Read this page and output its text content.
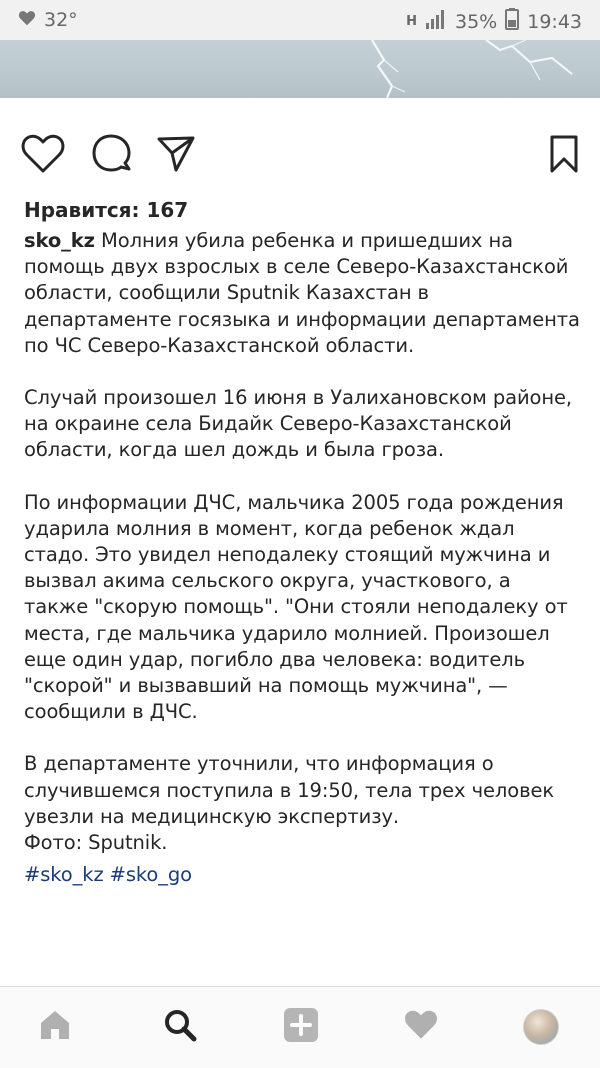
32°	H 35% 19:43
Нравится: 167

sko_kz Молния убила ребенка и пришедших на помощь двух взрослых в селе Северо-Казахстанской области, сообщили Sputnik Казахстан в департаменте госязыка и информации департамента по ЧС Северо-Казахстанской области.

Случай произошел 16 июня в Уалихановском районе, на окраине села Бидайк Северо-Казахстанской области, когда шел дождь и была гроза.

По информации ДЧС, мальчика 2005 года рождения ударила молния в момент, когда ребенок ждал стадо. Это увидел неподалеку стоящий мужчина и вызвал акима сельского округа, участкового, а также "скорую помощь". "Они стояли неподалеку от места, где мальчика ударило молнией. Произошел еще один удар, погибло два человека: водитель "скорой" и вызвавший на помощь мужчина", — сообщили в ДЧС.

В департаменте уточнили, что информация о случившемся поступила в 19:50, тела трех человек увезли на медицинскую экспертизу.

Фото: Sputnik.

#sko_kz #sko_go
